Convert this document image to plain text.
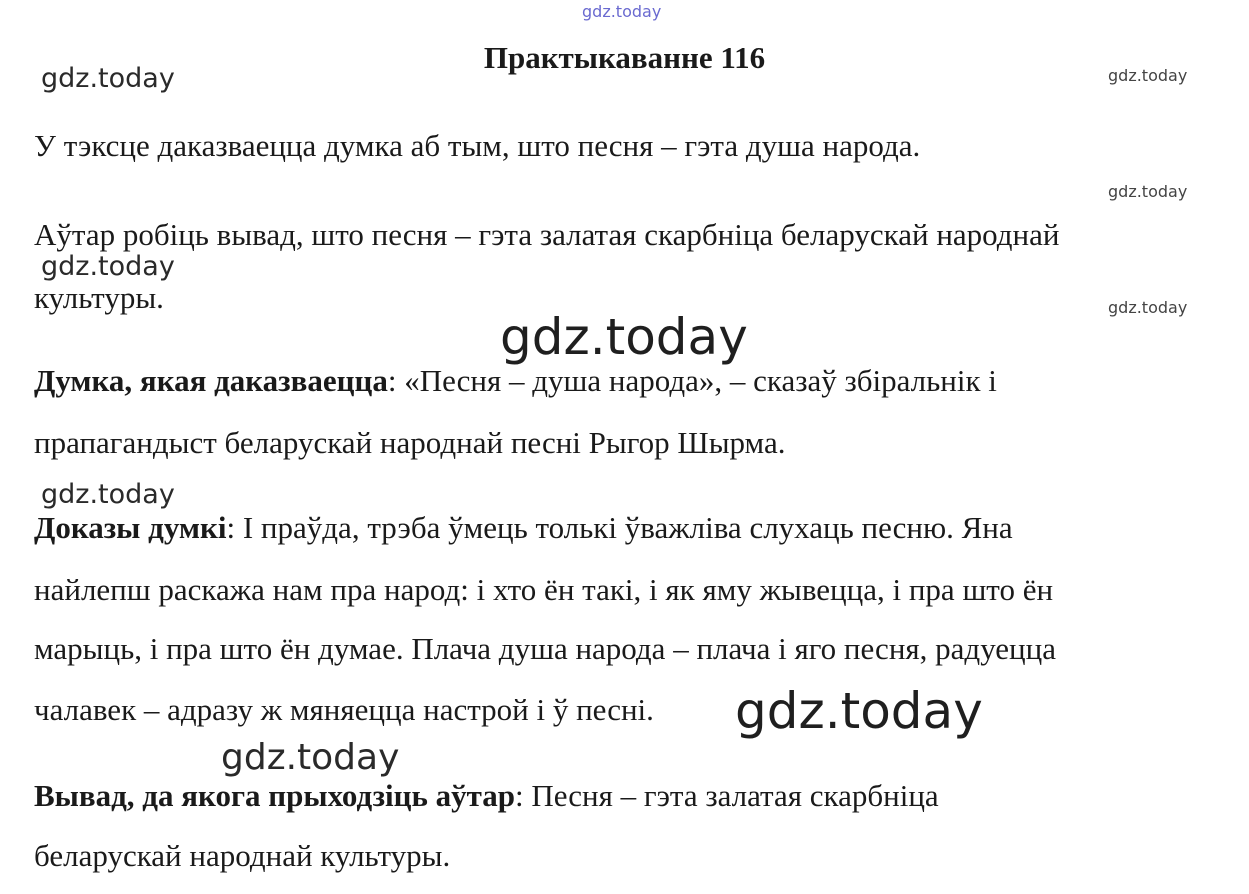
gdz.today
Практыкаванне 116
gdz.today	gdz.today
У тэксце даказваецца думка аб тым, што песня – гэта душа народа.
gdz.today
Аўтар робіць вывад, што песня – гэта залатая скарбніца беларускай народнай
gdz.today
культуры.	gdz.today
gdz.today
Думка, якая даказваецца: «Песня – душа народа», – сказаў збіральнік і
прапагандыст беларускай народнай песні Рыгор Шырма.
gdz.today
Доказы думкі: І праўда, трэба ўмець толькі ўважліва слухаць песню. Яна
найлепш раскажа нам пра народ: і хто ён такі, і як яму жывецца, і пра што ён
марыць, і пра што ён думае. Плача душа народа – плача і яго песня, радуецца
чалавек – адразу ж мяняецца настрой і ў песні. gdz.today
gdz.today
Вывад, да якога прыходзіць аўтар: Песня – гэта залатая скарбніца
беларускай народнай культуры.
